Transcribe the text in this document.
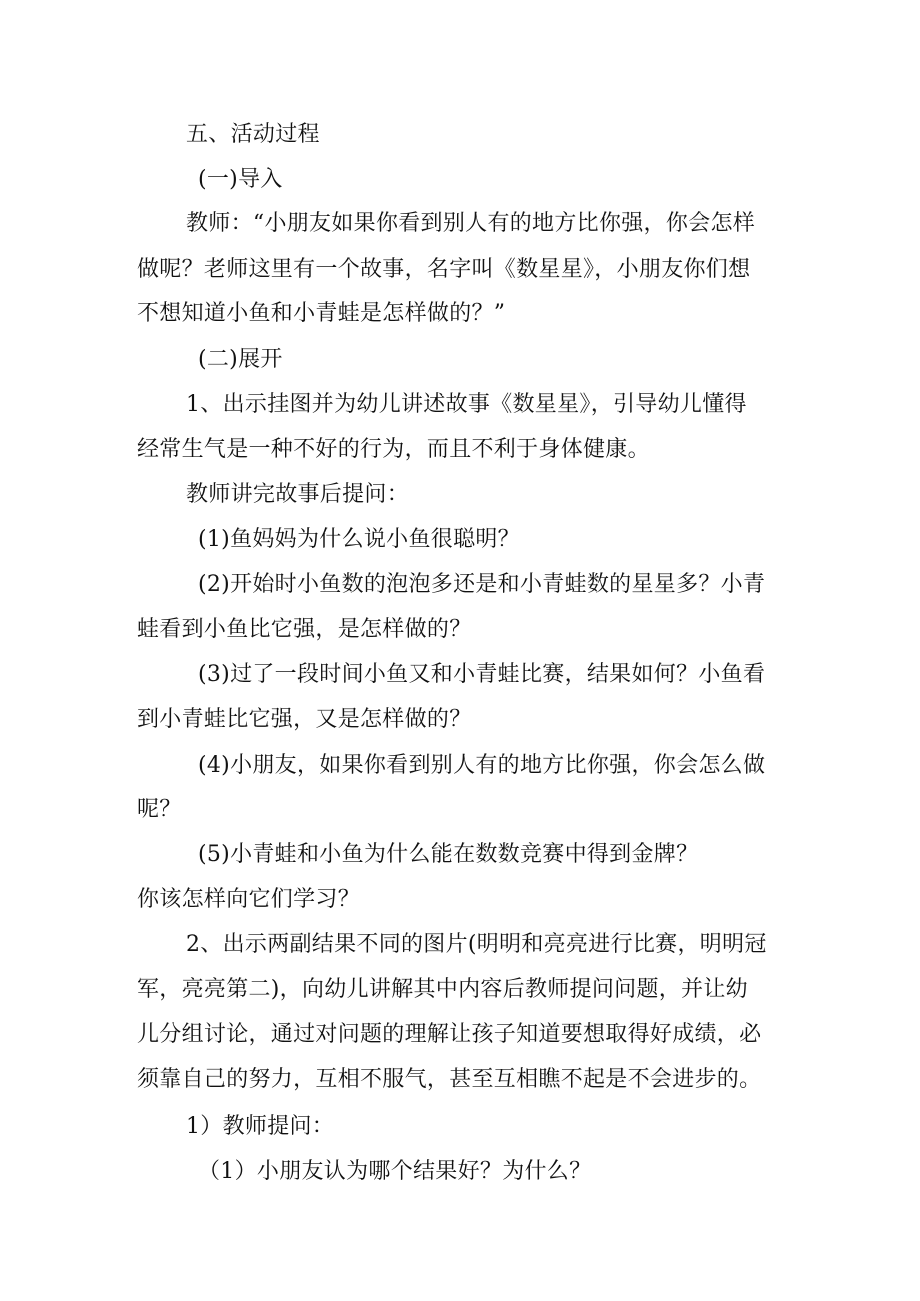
五、活动过程
(一)导入
教师：“小朋友如果你看到别人有的地方比你强，你会怎样
做呢？老师这里有一个故事，名字叫《数星星》，小朋友你们想
不想知道小鱼和小青蛙是怎样做的？”
(二)展开
1、出示挂图并为幼儿讲述故事《数星星》，引导幼儿懂得
经常生气是一种不好的行为，而且不利于身体健康。
教师讲完故事后提问：
(1)鱼妈妈为什么说小鱼很聪明？
(2)开始时小鱼数的泡泡多还是和小青蛙数的星星多？小青
蛙看到小鱼比它强，是怎样做的？
(3)过了一段时间小鱼又和小青蛙比赛，结果如何？小鱼看
到小青蛙比它强，又是怎样做的？
(4)小朋友，如果你看到别人有的地方比你强，你会怎么做
呢？
(5)小青蛙和小鱼为什么能在数数竞赛中得到金牌？
你该怎样向它们学习？
2、出示两副结果不同的图片(明明和亮亮进行比赛，明明冠
军，亮亮第二)，向幼儿讲解其中内容后教师提问问题，并让幼
儿分组讨论，通过对问题的理解让孩子知道要想取得好成绩，必
须靠自己的努力，互相不服气，甚至互相瞧不起是不会进步的。
1）教师提问：
（1）小朋友认为哪个结果好？为什么？
